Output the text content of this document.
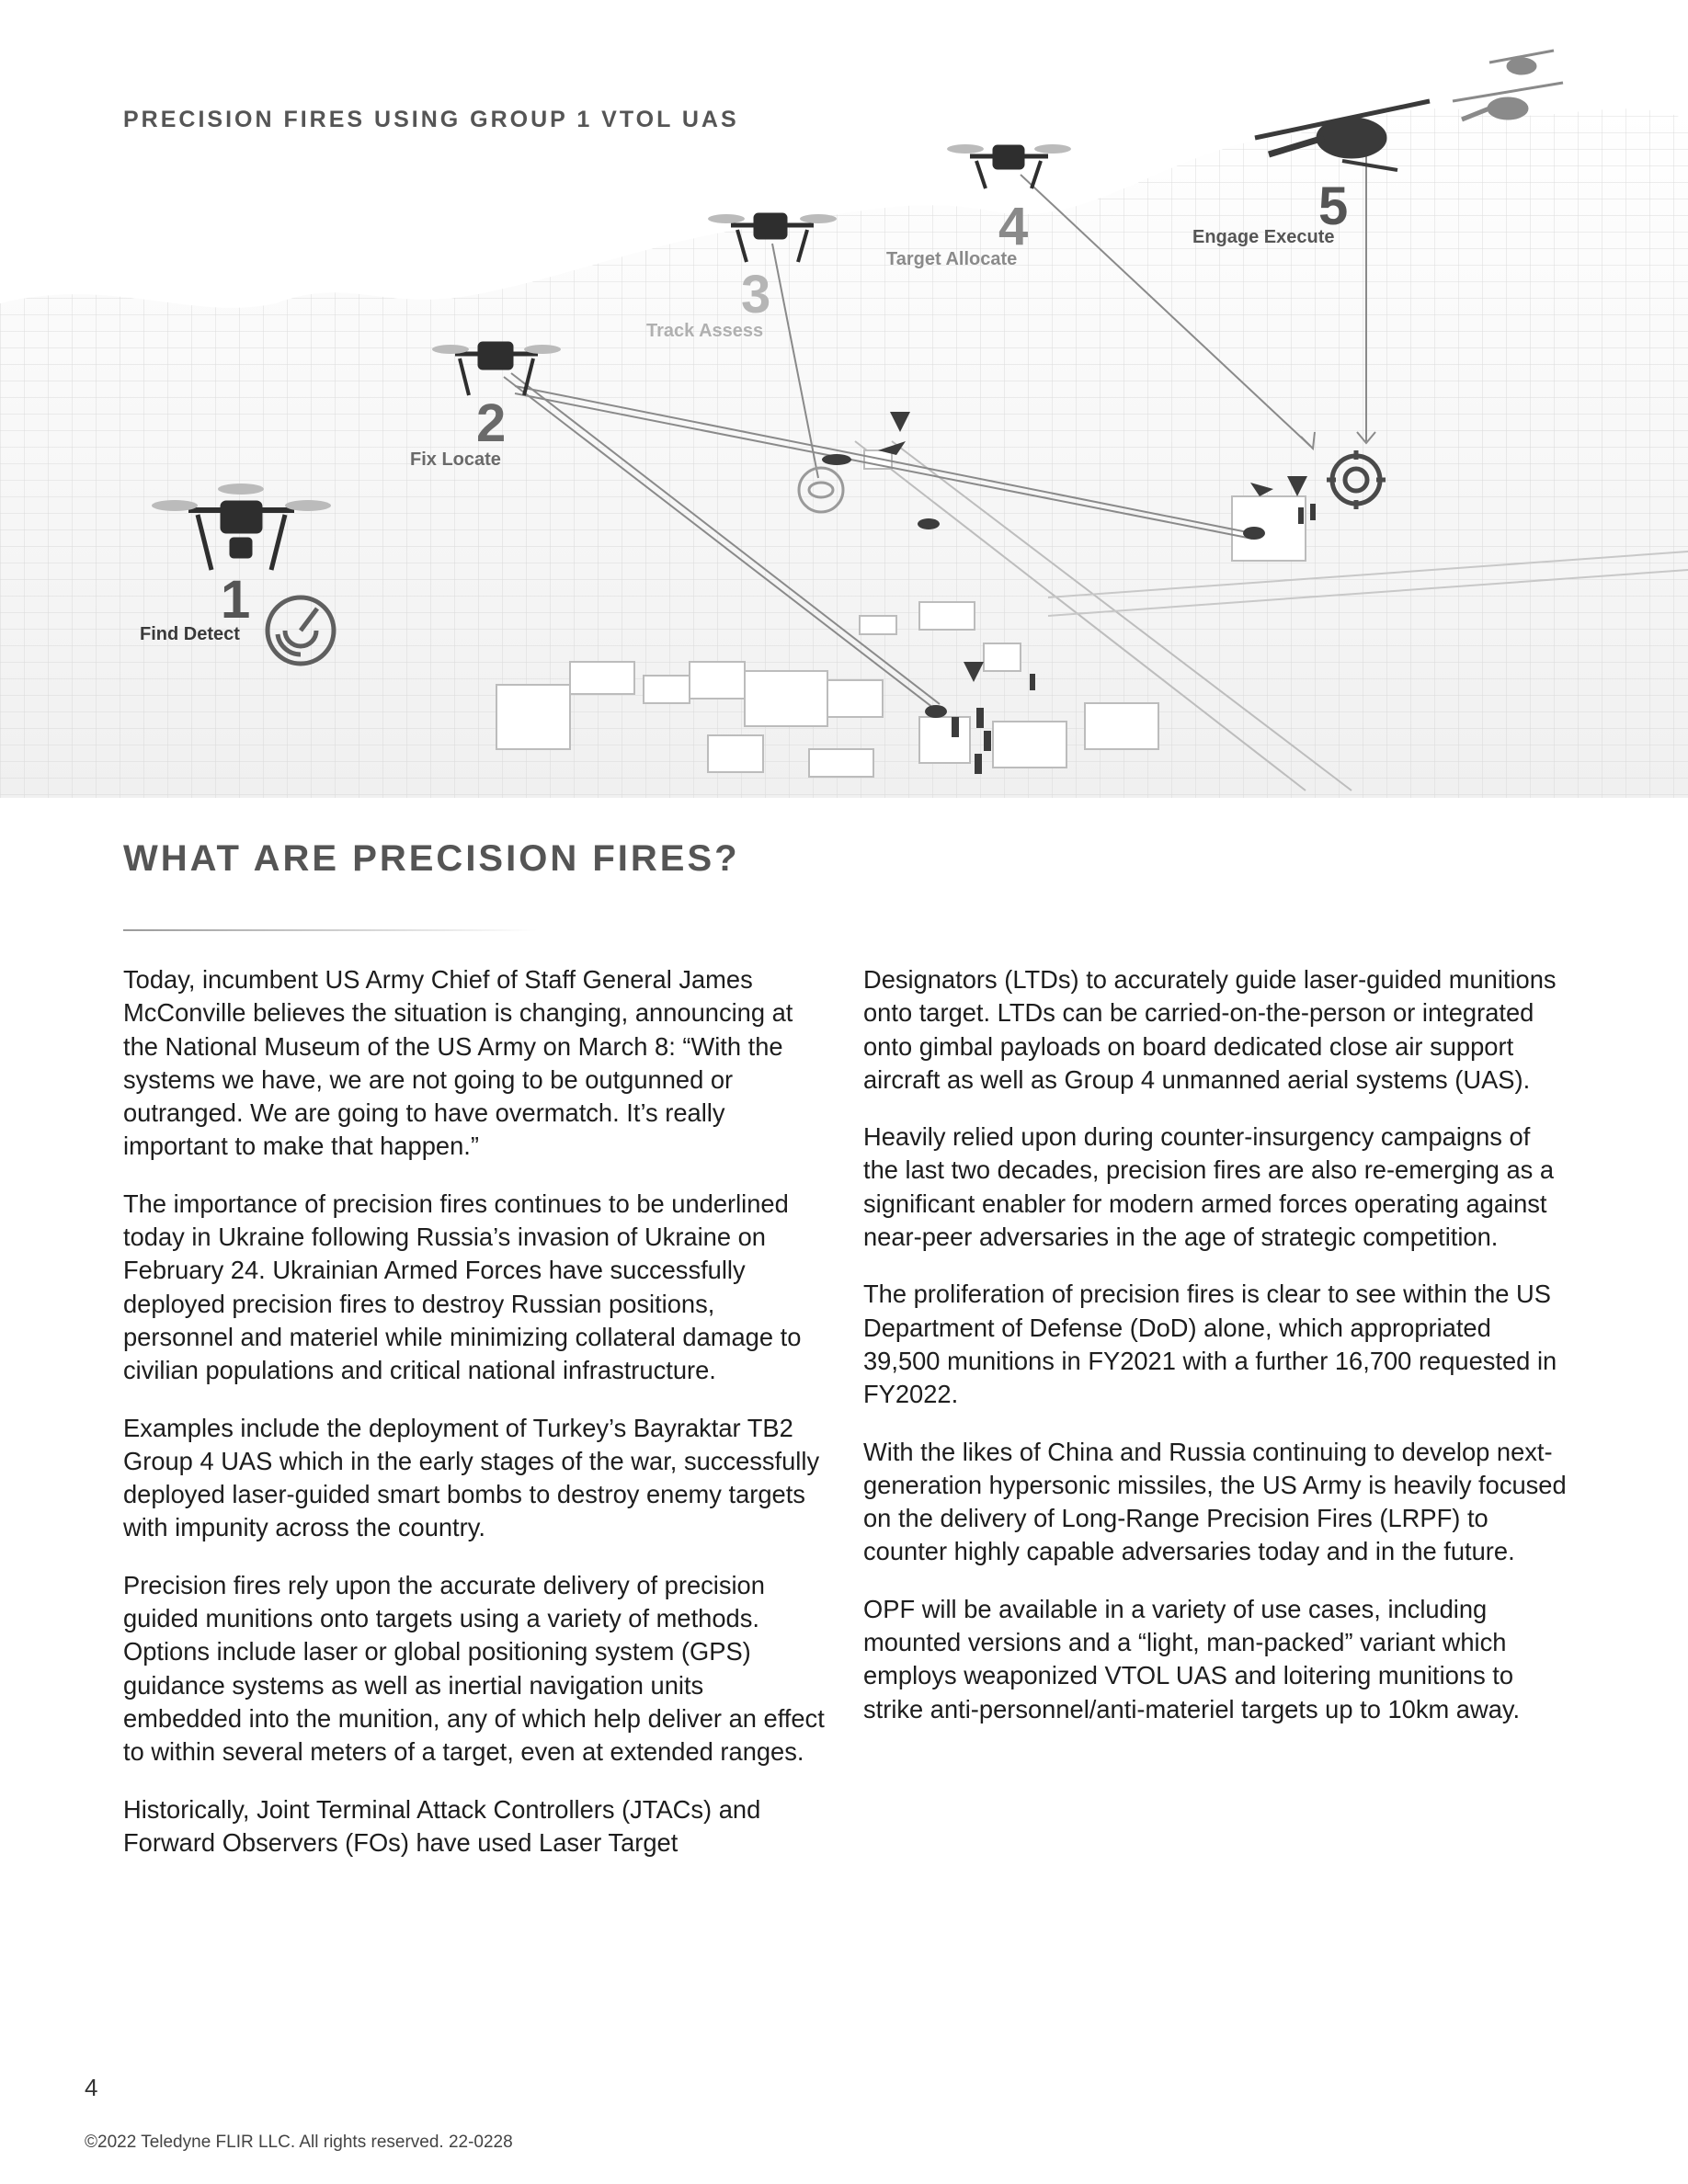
1
Find Detect
2
Fix Locate
3
Track Assess
4
Target Allocate
5
Engage Execute
PRECISION FIRES USING GROUP 1 VTOL UAS
WHAT ARE PRECISION FIRES?

Today, incumbent US Army Chief of Staff General James McConville believes the situation is changing, announcing at the National Museum of the US Army on March 8: “With the systems we have, we are not going to be outgunned or outranged. We are going to have overmatch. It’s really important to make that happen.”

The importance of precision fires continues to be underlined today in Ukraine following Russia’s invasion of Ukraine on February 24. Ukrainian Armed Forces have successfully deployed precision fires to destroy Russian positions, personnel and materiel while minimizing collateral damage to civilian populations and critical national infrastructure.

Examples include the deployment of Turkey’s Bayraktar TB2 Group 4 UAS which in the early stages of the war, successfully deployed laser-guided smart bombs to destroy enemy targets with impunity across the country.

Precision fires rely upon the accurate delivery of precision guided munitions onto targets using a variety of methods. Options include laser or global positioning system (GPS) guidance systems as well as inertial navigation units embedded into the munition, any of which help deliver an effect to within several meters of a target, even at extended ranges.

Historically, Joint Terminal Attack Controllers (JTACs) and Forward Observers (FOs) have used Laser Target

Designators (LTDs) to accurately guide laser-guided munitions onto target. LTDs can be carried-on-the-person or integrated onto gimbal payloads on board dedicated close air support aircraft as well as Group 4 unmanned aerial systems (UAS).

Heavily relied upon during counter-insurgency campaigns of the last two decades, precision fires are also re-emerging as a significant enabler for modern armed forces operating against near-peer adversaries in the age of strategic competition.

The proliferation of precision fires is clear to see within the US Department of Defense (DoD) alone, which appropriated 39,500 munitions in FY2021 with a further 16,700 requested in FY2022.

With the likes of China and Russia continuing to develop next-generation hypersonic missiles, the US Army is heavily focused on the delivery of Long-Range Precision Fires (LRPF) to counter highly capable adversaries today and in the future.

OPF will be available in a variety of use cases, including mounted versions and a “light, man-packed” variant which employs weaponized VTOL UAS and loitering munitions to strike anti-personnel/anti-materiel targets up to 10km away.

4
©2022 Teledyne FLIR LLC. All rights reserved. 22-0228
